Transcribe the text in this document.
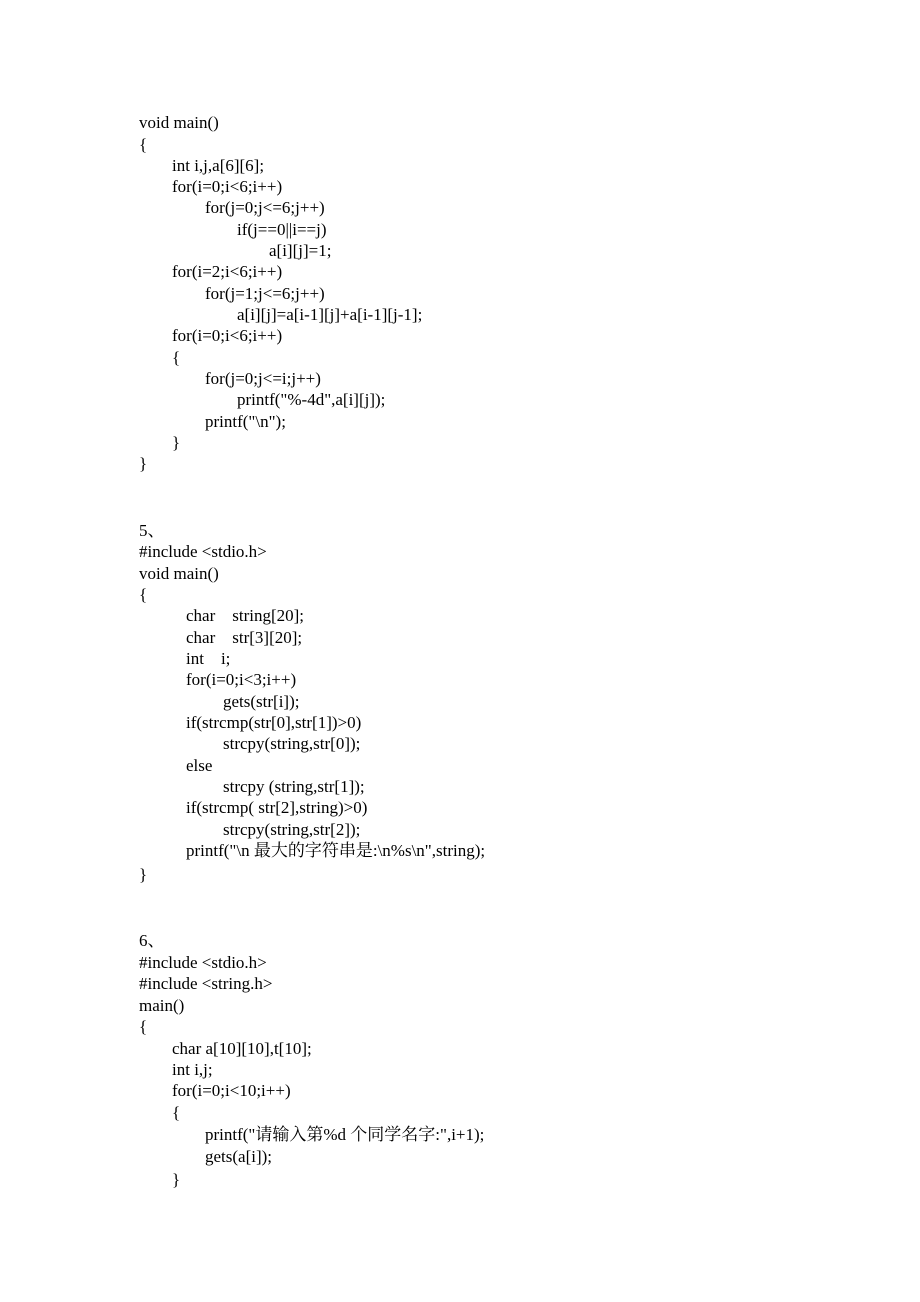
void main()
{
int i,j,a[6][6];
for(i=0;i<6;i++)
for(j=0;j<=6;j++)
if(j==0||i==j)
a[i][j]=1;
for(i=2;i<6;i++)
for(j=1;j<=6;j++)
a[i][j]=a[i-1][j]+a[i-1][j-1];
for(i=0;i<6;i++)
{
for(j=0;j<=i;j++)
printf("%-4d",a[i][j]);
printf("\n");
}
}
5、
#include <stdio.h>
void main()
{
char    string[20];
char    str[3][20];
int    i;
for(i=0;i<3;i++)
gets(str[i]);
if(strcmp(str[0],str[1])>0)
strcpy(string,str[0]);
else
strcpy (string,str[1]);
if(strcmp( str[2],string)>0)
strcpy(string,str[2]);
printf("\n 最大的字符串是:\n%s\n",string);
}
6、
#include <stdio.h>
#include <string.h>
main()
{
char a[10][10],t[10];
int i,j;
for(i=0;i<10;i++)
{
printf("请输入第%d 个同学名字:",i+1);
gets(a[i]);
}
